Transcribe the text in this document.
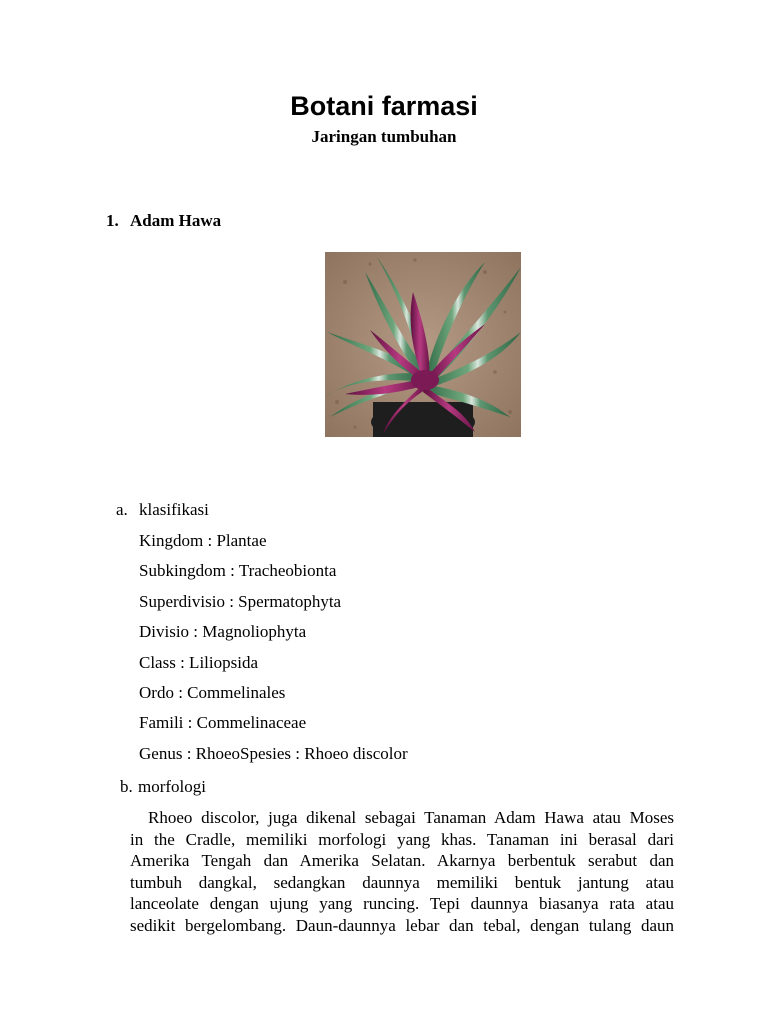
Botani farmasi
Jaringan tumbuhan
1. Adam Hawa
a. klasifikasi
Kingdom : Plantae
Subkingdom : Tracheobionta
Superdivisio : Spermatophyta
Divisio : Magnoliophyta
Class : Liliopsida
Ordo : Commelinales
Famili : Commelinaceae
Genus : RhoeoSpesies : Rhoeo discolor
b. morfologi
Rhoeo discolor, juga dikenal sebagai Tanaman Adam Hawa atau Moses
in the Cradle, memiliki morfologi yang khas. Tanaman ini berasal dari
Amerika Tengah dan Amerika Selatan. Akarnya berbentuk serabut dan
tumbuh dangkal, sedangkan daunnya memiliki bentuk jantung atau
lanceolate dengan ujung yang runcing. Tepi daunnya biasanya rata atau
sedikit bergelombang. Daun-daunnya lebar dan tebal, dengan tulang daun
